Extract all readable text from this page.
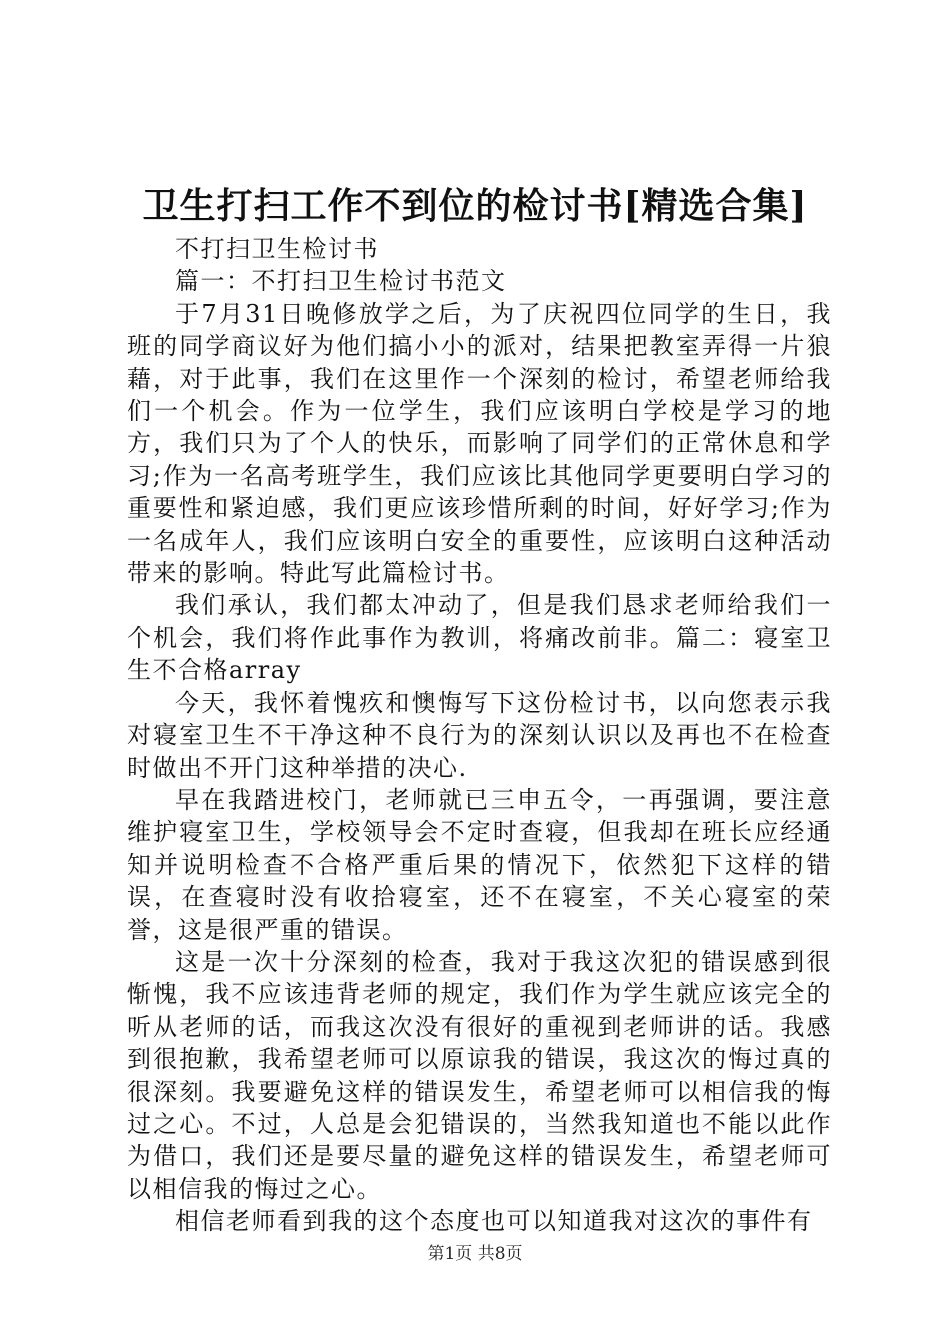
卫生打扫工作不到位的检讨书[精选合集]

不打扫卫生检讨书

篇一：不打扫卫生检讨书范文

于7月31日晚修放学之后，为了庆祝四位同学的生日，我班的同学商议好为他们搞小小的派对，结果把教室弄得一片狼藉，对于此事，我们在这里作一个深刻的检讨，希望老师给我们一个机会。作为一位学生，我们应该明白学校是学习的地方，我们只为了个人的快乐，而影响了同学们的正常休息和学习;作为一名高考班学生，我们应该比其他同学更要明白学习的重要性和紧迫感，我们更应该珍惜所剩的时间，好好学习;作为一名成年人，我们应该明白安全的重要性，应该明白这种活动带来的影响。特此写此篇检讨书。

我们承认，我们都太冲动了，但是我们恳求老师给我们一个机会，我们将作此事作为教训，将痛改前非。篇二：寝室卫生不合格array

今天，我怀着愧疚和懊悔写下这份检讨书，以向您表示我对寝室卫生不干净这种不良行为的深刻认识以及再也不在检查时做出不开门这种举措的决心.

早在我踏进校门，老师就已三申五令，一再强调，要注意维护寝室卫生，学校领导会不定时查寝，但我却在班长应经通知并说明检查不合格严重后果的情况下，依然犯下这样的错误，在查寝时没有收拾寝室，还不在寝室，不关心寝室的荣誉，这是很严重的错误。

这是一次十分深刻的检查，我对于我这次犯的错误感到很惭愧，我不应该违背老师的规定，我们作为学生就应该完全的听从老师的话，而我这次没有很好的重视到老师讲的话。我感到很抱歉，我希望老师可以原谅我的错误，我这次的悔过真的很深刻。我要避免这样的错误发生，希望老师可以相信我的悔过之心。不过，人总是会犯错误的，当然我知道也不能以此作为借口，我们还是要尽量的避免这样的错误发生，希望老师可以相信我的悔过之心。

相信老师看到我的这个态度也可以知道我对这次的事件有

第1页 共8页
